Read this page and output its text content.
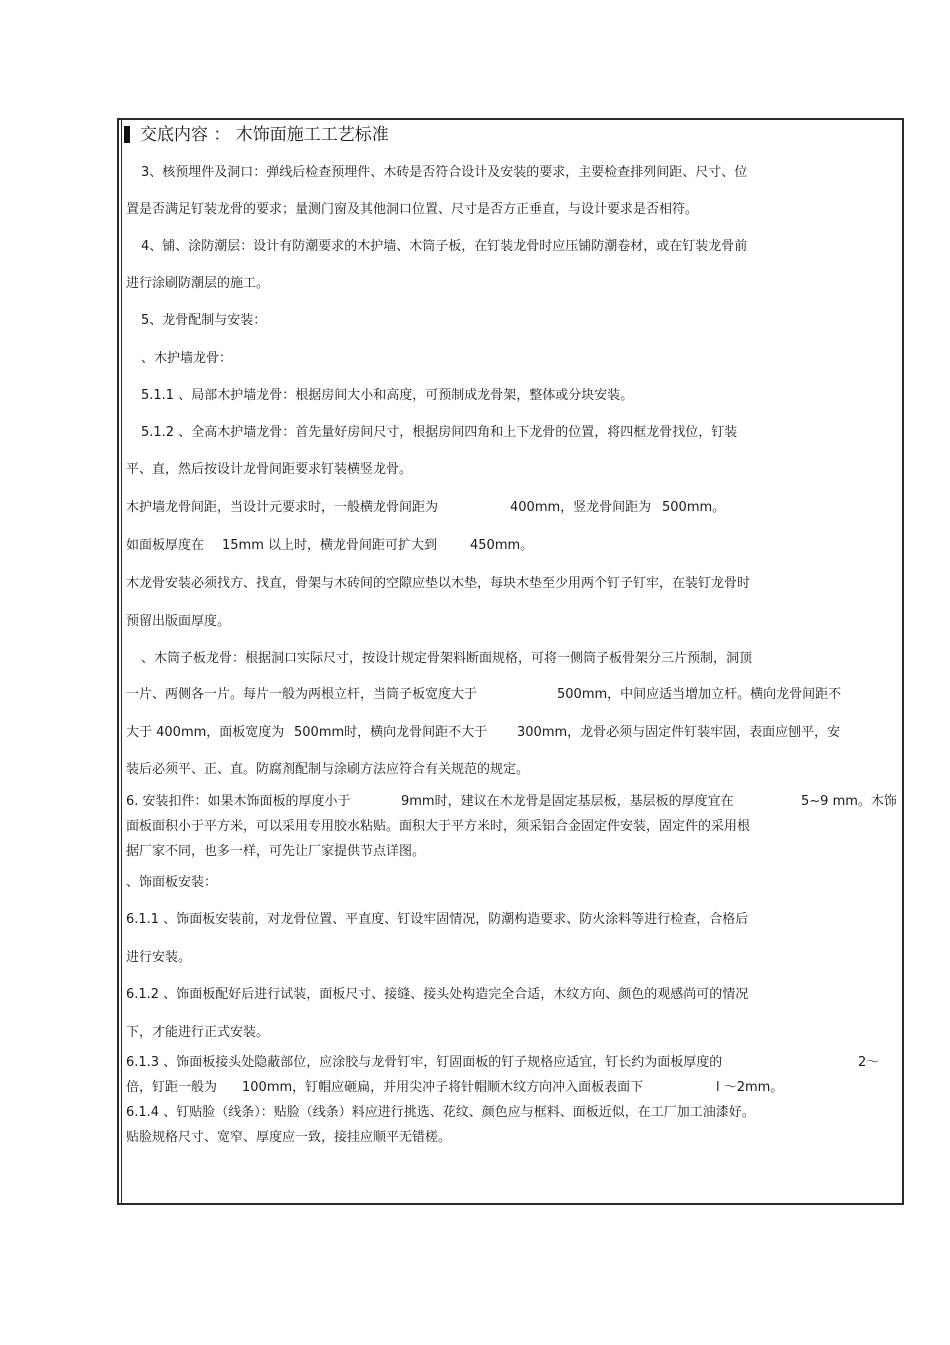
交底内容 ： 木饰面施工工艺标准
3、核预埋件及洞口：弹线后检查预埋件、木砖是否符合设计及安装的要求，主要检查排列间距、尺寸、位
置是否满足钉装龙骨的要求；量测门窗及其他洞口位置、尺寸是否方正垂直，与设计要求是否相符。
4、铺、涂防潮层：设计有防潮要求的木护墙、木筒子板，在钉装龙骨时应压铺防潮卷材，或在钉装龙骨前
进行涂刷防潮层的施工。
5、龙骨配制与安装：
、木护墙龙骨：
5.1.1 、局部木护墙龙骨：根据房间大小和高度，可预制成龙骨架，整体或分块安装。
5.1.2 、全高木护墙龙骨：首先量好房间尺寸，根据房间四角和上下龙骨的位置，将四框龙骨找位，钉装
平、直，然后按设计龙骨间距要求钉装横竖龙骨。
木护墙龙骨间距，当设计元要求时，一般横龙骨间距为	400mm，竖龙骨间距为 500mm。
如面板厚度在 15mm 以上时，横龙骨间距可扩大到	450mm。
木龙骨安装必须找方、找直，骨架与木砖间的空隙应垫以木垫，每块木垫至少用两个钉子钉牢，在装钉龙骨时
预留出版面厚度。
、木筒子板龙骨：根据洞口实际尺寸，按设计规定骨架料断面规格，可将一侧筒子板骨架分三片预制，洞顶
一片、两侧各一片。每片一般为两根立杆，当筒子板宽度大于	500mm，中间应适当增加立杆。横向龙骨间距不
大于 400mm，面板宽度为 500mm时，横向龙骨间距不大于 300mm，龙骨必须与固定件钉装牢固，表面应刨平，安
装后必须平、正、直。防腐剂配制与涂刷方法应符合有关规范的规定。
6. 安装扣件：如果木饰面板的厚度小于	9mm时，建议在木龙骨是固定基层板，基层板的厚度宜在	5~9 mm。木饰
面板面积小于平方米，可以采用专用胶水粘贴。面积大于平方米时，须采铝合金固定件安装，固定件的采用根
据厂家不同，也多一样，可先让厂家提供节点详图。
、饰面板安装：
6.1.1 、饰面板安装前，对龙骨位置、平直度、钉设牢固情况，防潮构造要求、防火涂料等进行检查，合格后
进行安装。
6.1.2 、饰面板配好后进行试装，面板尺寸、接缝、接头处构造完全合适，木纹方向、颜色的观感尚可的情况
下，才能进行正式安装。
6.1.3 、饰面板接头处隐蔽部位，应涂胶与龙骨钉牢，钉固面板的钉子规格应适宜，钉长约为面板厚度的	2～
倍，钉距一般为 100mm，钉帽应砸扁，并用尖冲子将针帽顺木纹方向冲入面板表面下	l ～2mm。
6.1.4 、钉贴脸（线条）：贴脸（线条）料应进行挑选、花纹、颜色应与框料、面板近似，在工厂加工油漆好。
贴脸规格尺寸、宽窄、厚度应一致，接挂应顺平无错槎。
